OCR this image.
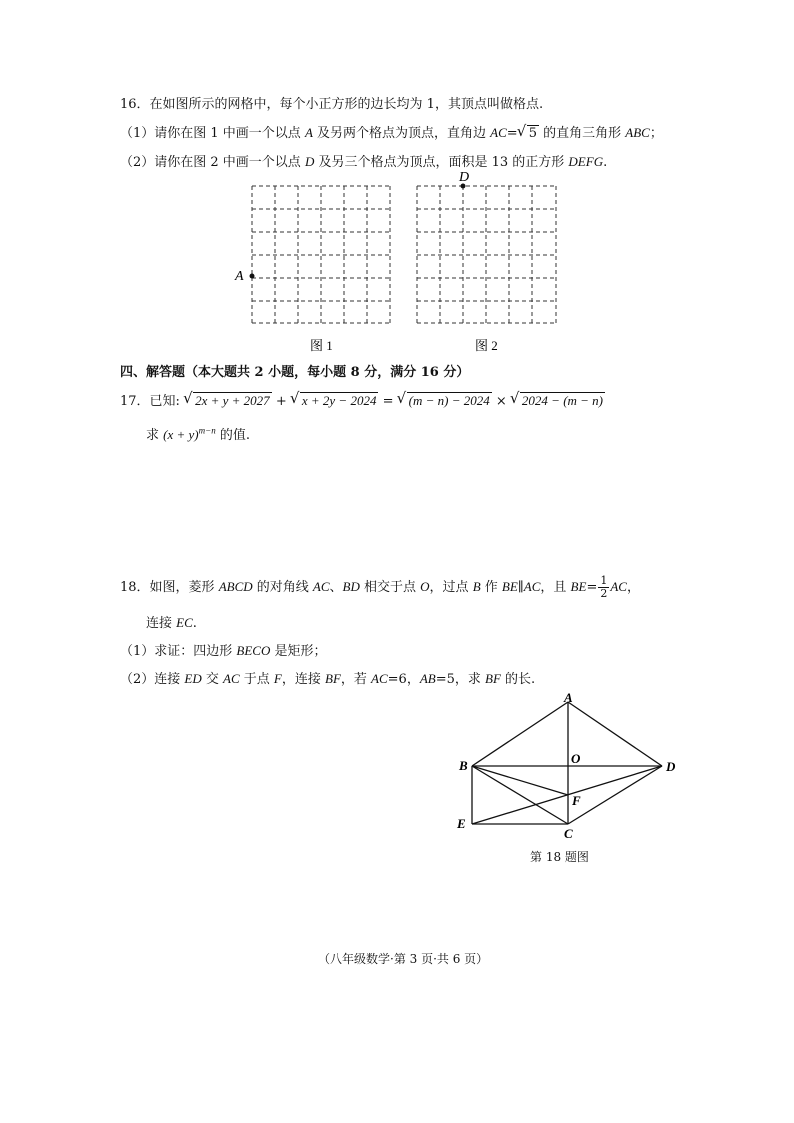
16．在如图所示的网格中，每个小正方形的边长均为 1，其顶点叫做格点.
（1）请你在图 1 中画一个以点 A 及另两个格点为顶点，直角边 AC= √ 5 的直角三角形 ABC；
（2）请你在图 2 中画一个以点 D 及另三个格点为顶点，面积是 13 的正方形 DEFG.
A
D
图 1	图 2
四、解答题（本大题共 2 小题，每小题 8 分，满分 16 分）
17．已知: √ 2x + y + 2027 + √ x + 2y − 2024 = √ (m − n) − 2024 × √ 2024 − (m − n)
求 $(x + y)^{m-n}$ 的值.
18．如图，菱形 ABCD 的对角线 AC、BD 相交于点 O，过点 B 作 BE∥AC，且 $BE= \frac{1}{2}$ AC，
连接 EC.
（1）求证：四边形 BECO 是矩形；
（2）连接 ED 交 AC 于点 F，连接 BF，若 AC=6，AB=5，求 BF 的长.
A
B
C
D
E
F
O
第 18 题图
（八年级数学·第 3 页·共 6 页）
